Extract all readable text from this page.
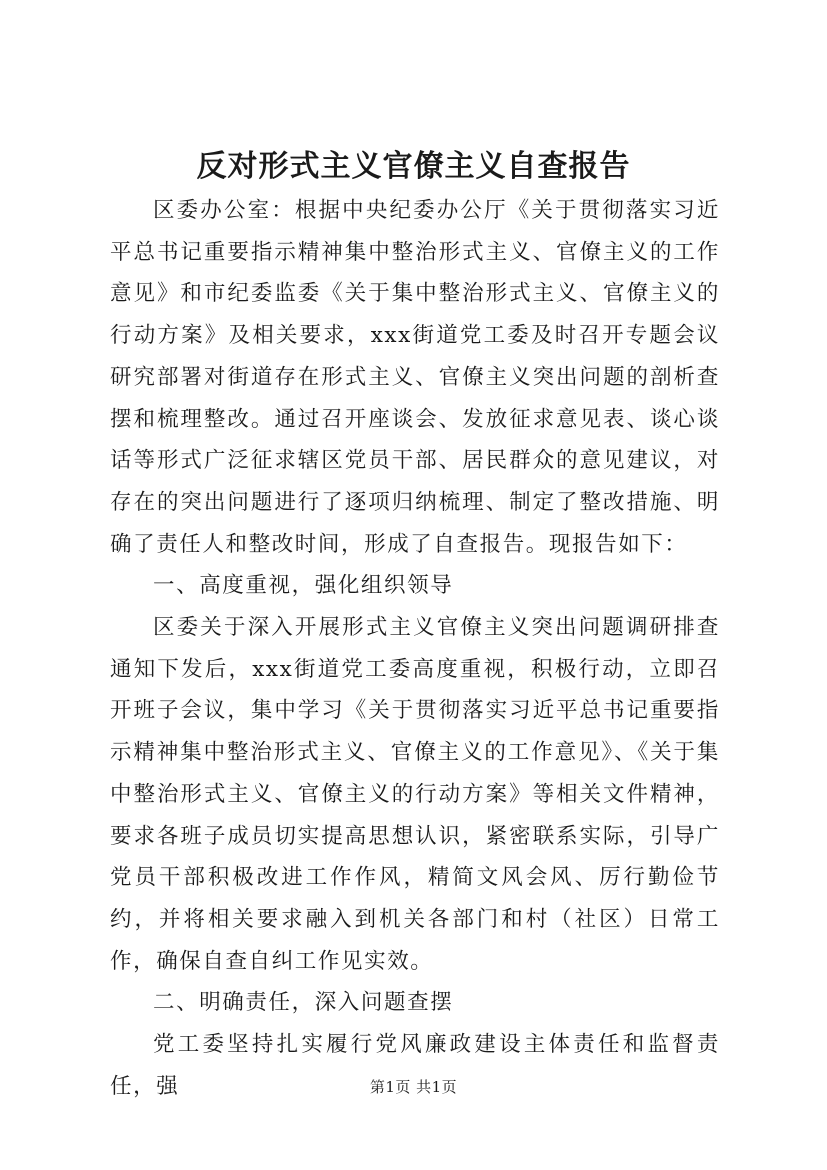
反对形式主义官僚主义自查报告

区委办公室：根据中央纪委办公厅《关于贯彻落实习近平总书记重要指示精神集中整治形式主义、官僚主义的工作意见》和市纪委监委《关于集中整治形式主义、官僚主义的行动方案》及相关要求，xxx街道党工委及时召开专题会议研究部署对街道存在形式主义、官僚主义突出问题的剖析查摆和梳理整改。通过召开座谈会、发放征求意见表、谈心谈话等形式广泛征求辖区党员干部、居民群众的意见建议，对存在的突出问题进行了逐项归纳梳理、制定了整改措施、明确了责任人和整改时间，形成了自查报告。现报告如下：

一、高度重视，强化组织领导

区委关于深入开展形式主义官僚主义突出问题调研排查通知下发后，xxx街道党工委高度重视，积极行动，立即召开班子会议，集中学习《关于贯彻落实习近平总书记重要指示精神集中整治形式主义、官僚主义的工作意见》、《关于集中整治形式主义、官僚主义的行动方案》等相关文件精神，要求各班子成员切实提高思想认识，紧密联系实际，引导广党员干部积极改进工作作风，精简文风会风、厉行勤俭节约，并将相关要求融入到机关各部门和村（社区）日常工作，确保自查自纠工作见实效。

二、明确责任，深入问题查摆

党工委坚持扎实履行党风廉政建设主体责任和监督责任，强	第1页 共1页
